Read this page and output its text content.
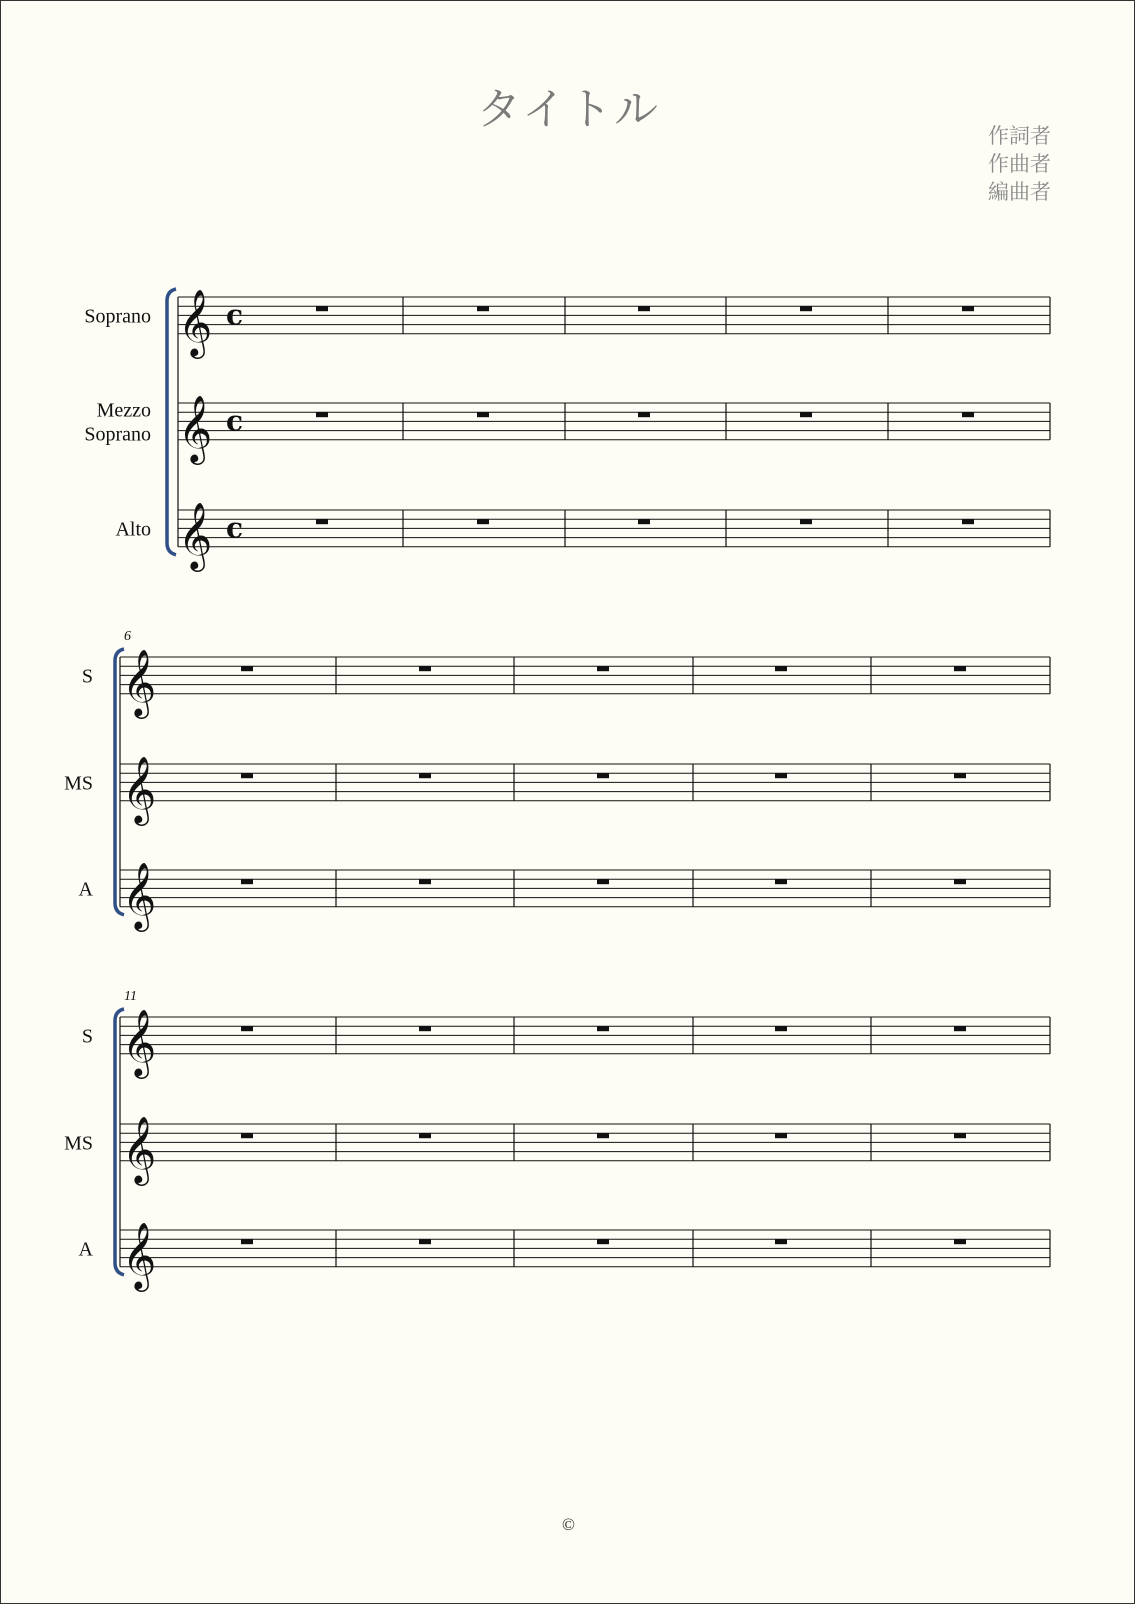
タイトル
作詞者
作曲者
編曲者
©
𝄞 c
Soprano
𝄞 c
Mezzo
Soprano
𝄞 c
Alto
6
𝄞
S
𝄞
MS
𝄞
A
11
𝄞
S
𝄞
MS
𝄞
A
